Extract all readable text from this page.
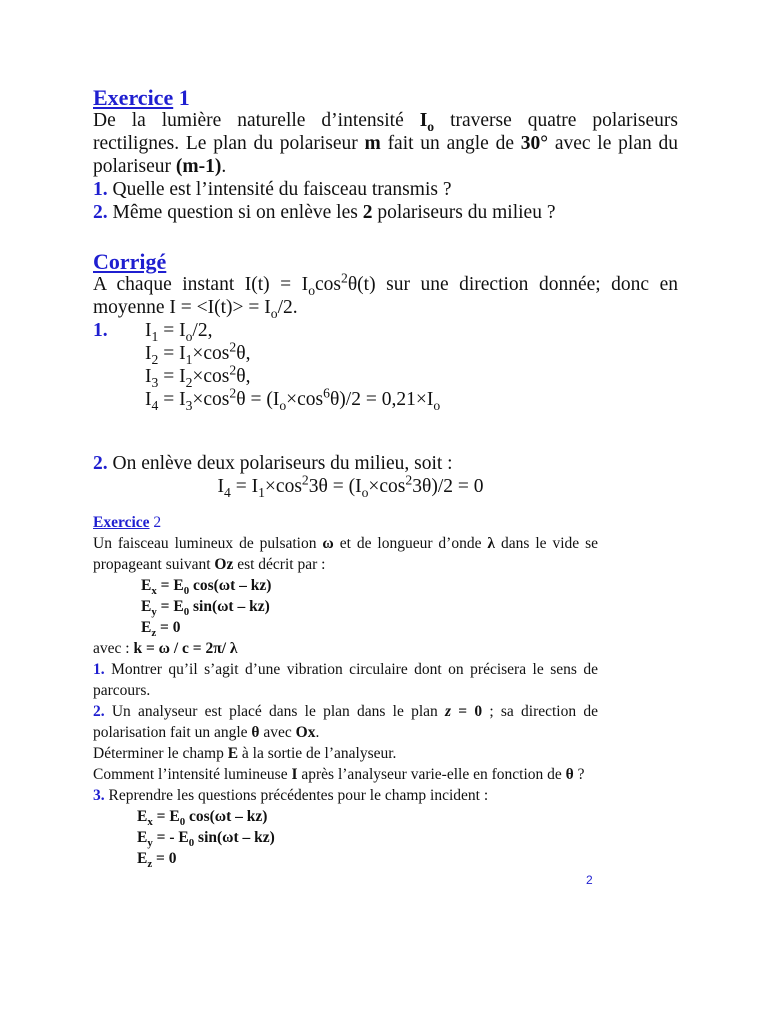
Exercice 1

De la lumière naturelle d’intensité $I_o$ traverse quatre polariseurs rectilignes. Le plan du polariseur m fait un angle de 30° avec le plan du polariseur (m-1).

1. Quelle est l’intensité du faisceau transmis ?

2. Même question si on enlève les 2 polariseurs du milieu ?

Corrigé

A chaque instant $I(t) = I_o\cos^2\theta(t)$ sur une direction donnée; donc en moyenne $I = <I(t)> = I_o/2$.

1.	$I_1 = I_o/2$,

$I_2 = I_1\times\cos^2\theta$,

$I_3 = I_2\times\cos^2\theta$,

$I_4 = I_3\times\cos^2\theta = (I_o\times\cos^6\theta)/2 = 0,21\times I_o$

2. On enlève deux polariseurs du milieu, soit :

$I_4 = I_1\times\cos^23\theta = (I_o\times\cos^23\theta)/2 = 0$

Exercice 2

Un faisceau lumineux de pulsation ω et de longueur d’onde λ dans le vide se propageant suivant Oz est décrit par :

$E_x = E_0$ cos(ωt – kz)

$E_y = E_0$ sin(ωt – kz)

$E_z = 0$

avec : k = ω / c = 2π/ λ

1. Montrer qu’il s’agit d’une vibration circulaire dont on précisera le sens de parcours.

2. Un analyseur est placé dans le plan dans le plan z = 0 ; sa direction de polarisation fait un angle θ avec Ox.

Déterminer le champ E à la sortie de l’analyseur.

Comment l’intensité lumineuse I après l’analyseur varie-elle en fonction de θ ?

3. Reprendre les questions précédentes pour le champ incident :

$E_x = E_0$ cos(ωt – kz)

$E_y$ = - $E_0$ sin(ωt – kz)

$E_z = 0$

2
